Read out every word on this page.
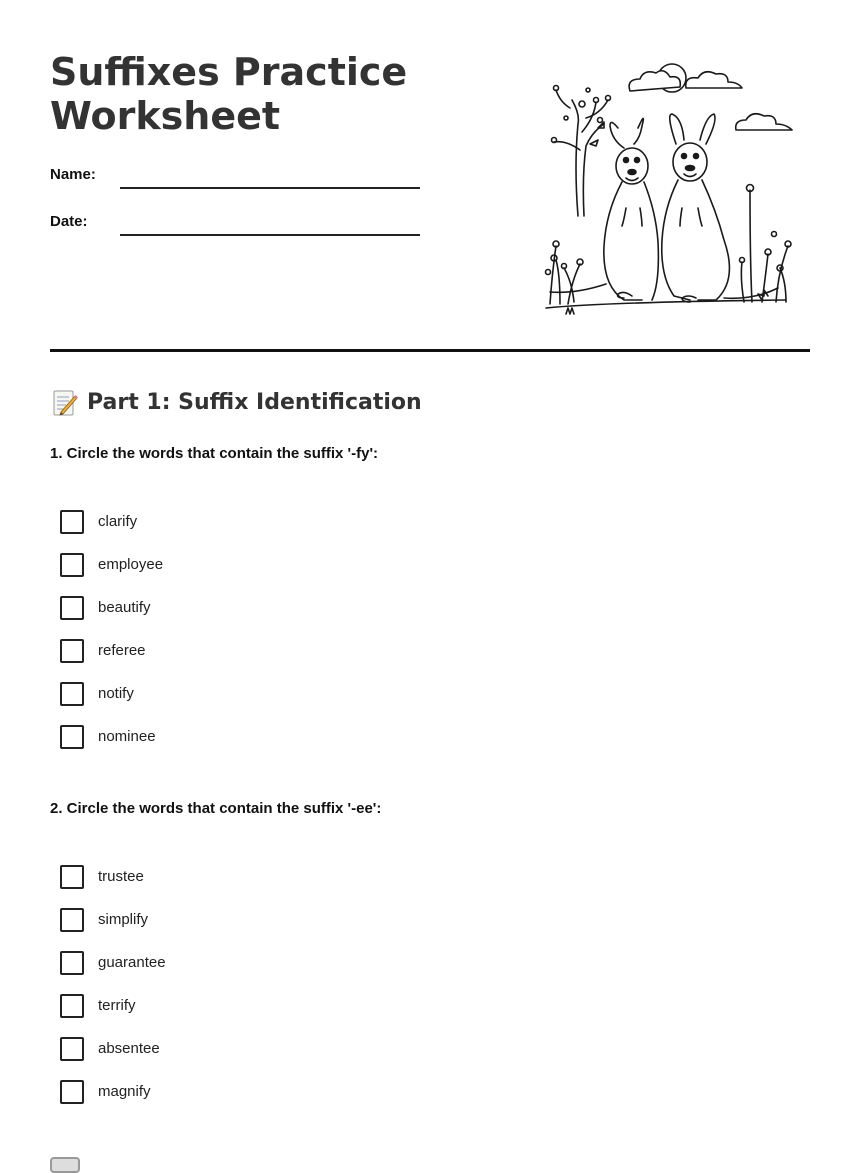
Suffixes Practice
Worksheet
Name:
Date:
Part 1: Suffix Identification
1. Circle the words that contain the suffix '-fy':
clarify
employee
beautify
referee
notify
nominee
2. Circle the words that contain the suffix '-ee':
trustee
simplify
guarantee
terrify
absentee
magnify
